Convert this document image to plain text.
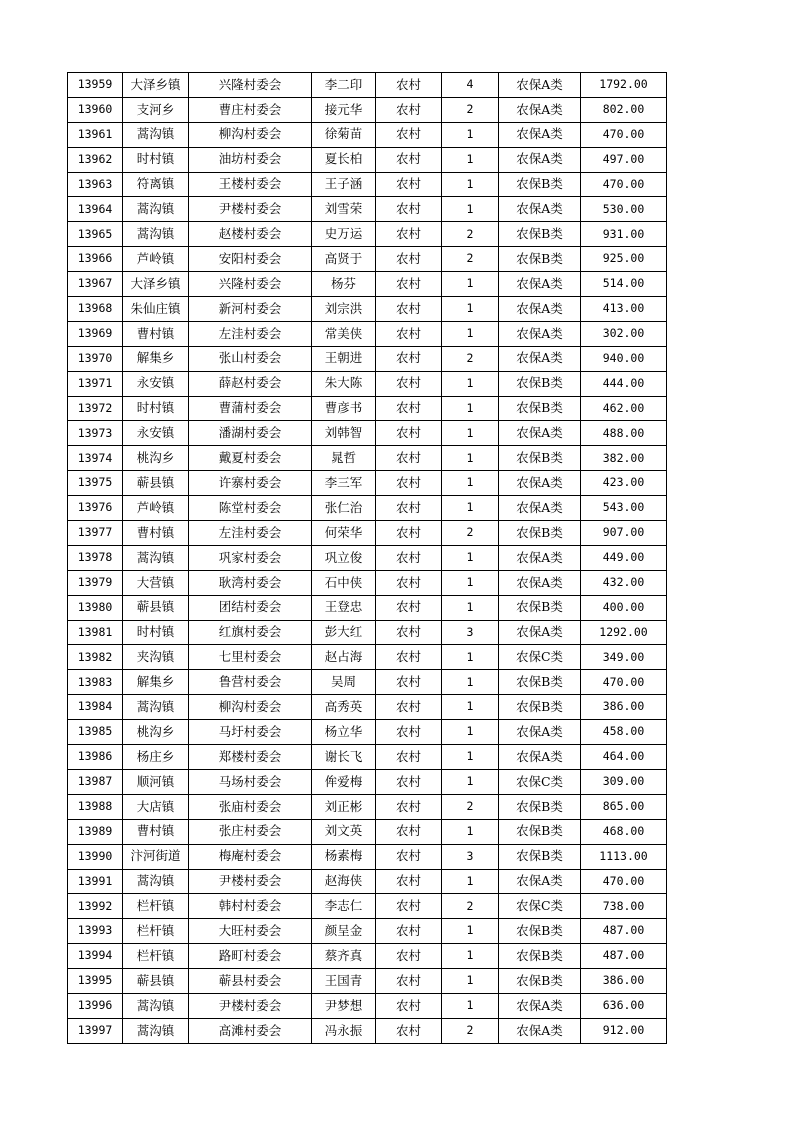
13959	大泽乡镇	兴隆村委会	李二印	农村	4	农保A类	1792.00
13960	支河乡	曹庄村委会	接元华	农村	2	农保A类	802.00
13961	蒿沟镇	柳沟村委会	徐菊苗	农村	1	农保A类	470.00
13962	时村镇	油坊村委会	夏长柏	农村	1	农保A类	497.00
13963	符离镇	王楼村委会	王子涵	农村	1	农保B类	470.00
13964	蒿沟镇	尹楼村委会	刘雪荣	农村	1	农保A类	530.00
13965	蒿沟镇	赵楼村委会	史万运	农村	2	农保B类	931.00
13966	芦岭镇	安阳村委会	高贤于	农村	2	农保B类	925.00
13967	大泽乡镇	兴隆村委会	杨芬	农村	1	农保A类	514.00
13968	朱仙庄镇	新河村委会	刘宗洪	农村	1	农保A类	413.00
13969	曹村镇	左洼村委会	常美侠	农村	1	农保A类	302.00
13970	解集乡	张山村委会	王朝进	农村	2	农保A类	940.00
13971	永安镇	薛赵村委会	朱大陈	农村	1	农保B类	444.00
13972	时村镇	曹蒲村委会	曹彦书	农村	1	农保B类	462.00
13973	永安镇	潘湖村委会	刘韩智	农村	1	农保A类	488.00
13974	桃沟乡	戴夏村委会	晁哲	农村	1	农保B类	382.00
13975	蕲县镇	许寨村委会	李三军	农村	1	农保A类	423.00
13976	芦岭镇	陈堂村委会	张仁治	农村	1	农保A类	543.00
13977	曹村镇	左洼村委会	何荣华	农村	2	农保B类	907.00
13978	蒿沟镇	巩家村委会	巩立俊	农村	1	农保A类	449.00
13979	大营镇	耿湾村委会	石中侠	农村	1	农保A类	432.00
13980	蕲县镇	团结村委会	王登忠	农村	1	农保B类	400.00
13981	时村镇	红旗村委会	彭大红	农村	3	农保A类	1292.00
13982	夹沟镇	七里村委会	赵占海	农村	1	农保C类	349.00
13983	解集乡	鲁营村委会	吴周	农村	1	农保B类	470.00
13984	蒿沟镇	柳沟村委会	高秀英	农村	1	农保B类	386.00
13985	桃沟乡	马圩村委会	杨立华	农村	1	农保A类	458.00
13986	杨庄乡	郑楼村委会	谢长飞	农村	1	农保A类	464.00
13987	顺河镇	马场村委会	侔爱梅	农村	1	农保C类	309.00
13988	大店镇	张庙村委会	刘正彬	农村	2	农保B类	865.00
13989	曹村镇	张庄村委会	刘文英	农村	1	农保B类	468.00
13990	汴河街道	梅庵村委会	杨素梅	农村	3	农保B类	1113.00
13991	蒿沟镇	尹楼村委会	赵海侠	农村	1	农保A类	470.00
13992	栏杆镇	韩村村委会	李志仁	农村	2	农保C类	738.00
13993	栏杆镇	大旺村委会	颜呈金	农村	1	农保B类	487.00
13994	栏杆镇	路町村委会	蔡齐真	农村	1	农保B类	487.00
13995	蕲县镇	蕲县村委会	王国青	农村	1	农保B类	386.00
13996	蒿沟镇	尹楼村委会	尹梦想	农村	1	农保A类	636.00
13997	蒿沟镇	高滩村委会	冯永振	农村	2	农保A类	912.00
